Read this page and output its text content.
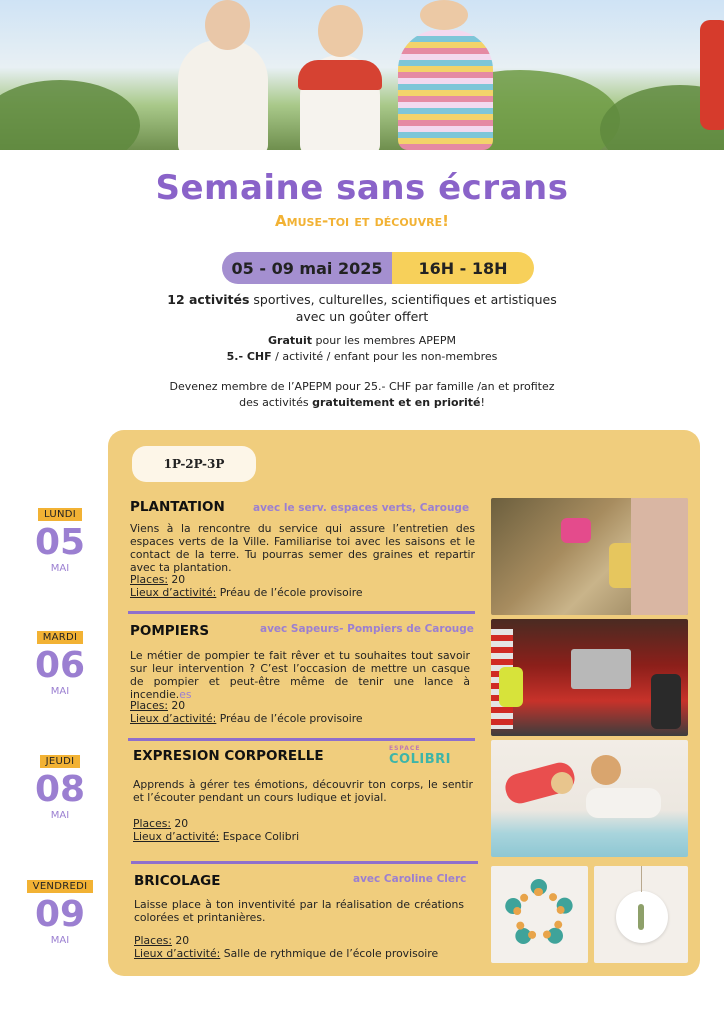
Semaine sans écrans
Amuse-toi et découvre!
05 - 09 mai 2025	16H - 18H
12 activités sportives, culturelles, scientifiques et artistiques
avec un goûter offert
Gratuit pour les membres APEPM
5.- CHF / activité / enfant pour les non-membres
Devenez membre de l’APEPM pour 25.- CHF par famille /an et profitez
des activités gratuitement et en priorité!
1P-2P-3P
LUNDI
05
MAI
PLANTATION	avec le serv. espaces verts, Carouge
Viens à la rencontre du service qui assure l’entretien des espaces verts de la Ville. Familiarise toi avec les saisons et le contact de la terre. Tu pourras semer des graines et repartir avec ta plantation.
Places: 20
Lieux d’activité: Préau de l’école provisoire
MARDI
06
MAI
POMPIERS	avec Sapeurs- Pompiers de Carouge
Le métier de pompier te fait rêver et tu souhaites tout savoir sur leur intervention ? C’est l’occasion de mettre un casque de pompier et peut-être même de tenir une lance à incendie.es
Places: 20
Lieux d’activité: Préau de l’école provisoire
JEUDI
08
MAI
EXPRESION CORPORELLE
Apprends à gérer tes émotions, découvrir ton corps, le sentir et l’écouter pendant un cours ludique et jovial.
Places: 20
Lieux d’activité: Espace Colibri
ESPACE
COLIBRI
VENDREDI
09
MAI
BRICOLAGE	avec Caroline Clerc
Laisse place à ton inventivité par la réalisation de créations colorées et printanières.
Places: 20
Lieux d’activité: Salle de rythmique de l’école provisoire
